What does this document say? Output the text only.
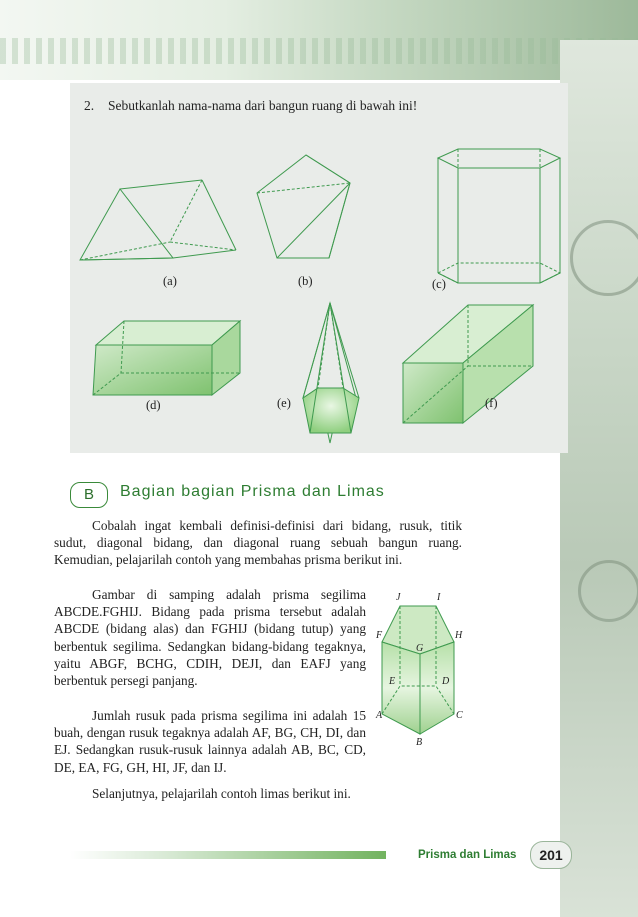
2. Sebutkanlah nama-nama dari bangun ruang di bawah ini!
(a)	(b)	(c)
(d)	(e)	(f)
B	Bagian bagian Prisma dan Limas

Cobalah ingat kembali definisi-definisi dari bidang, rusuk, titik sudut, diagonal bidang, dan diagonal ruang sebuah bangun ruang. Kemudian, pelajarilah contoh yang membahas prisma berikut ini.

Gambar di samping adalah prisma segilima ABCDE.FGHIJ. Bidang pada prisma tersebut adalah ABCDE (bidang alas) dan FGHIJ (bidang tutup) yang berbentuk segilima. Sedangkan bidang-bidang tegaknya, yaitu ABGF, BCHG, CDIH, DEJI, dan EAFJ yang berbentuk persegi panjang.

Jumlah rusuk pada prisma segilima ini adalah 15 buah, dengan rusuk tegaknya adalah AF, BG, CH, DI, dan EJ. Sedangkan rusuk-rusuk lainnya adalah AB, BC, CD, DE, EA, FG, GH, HI, JF, dan IJ.

Selanjutnya, pelajarilah contoh limas berikut ini.

J	I
F	H
G
E	D
A	C
B
Prisma dan Limas	201
